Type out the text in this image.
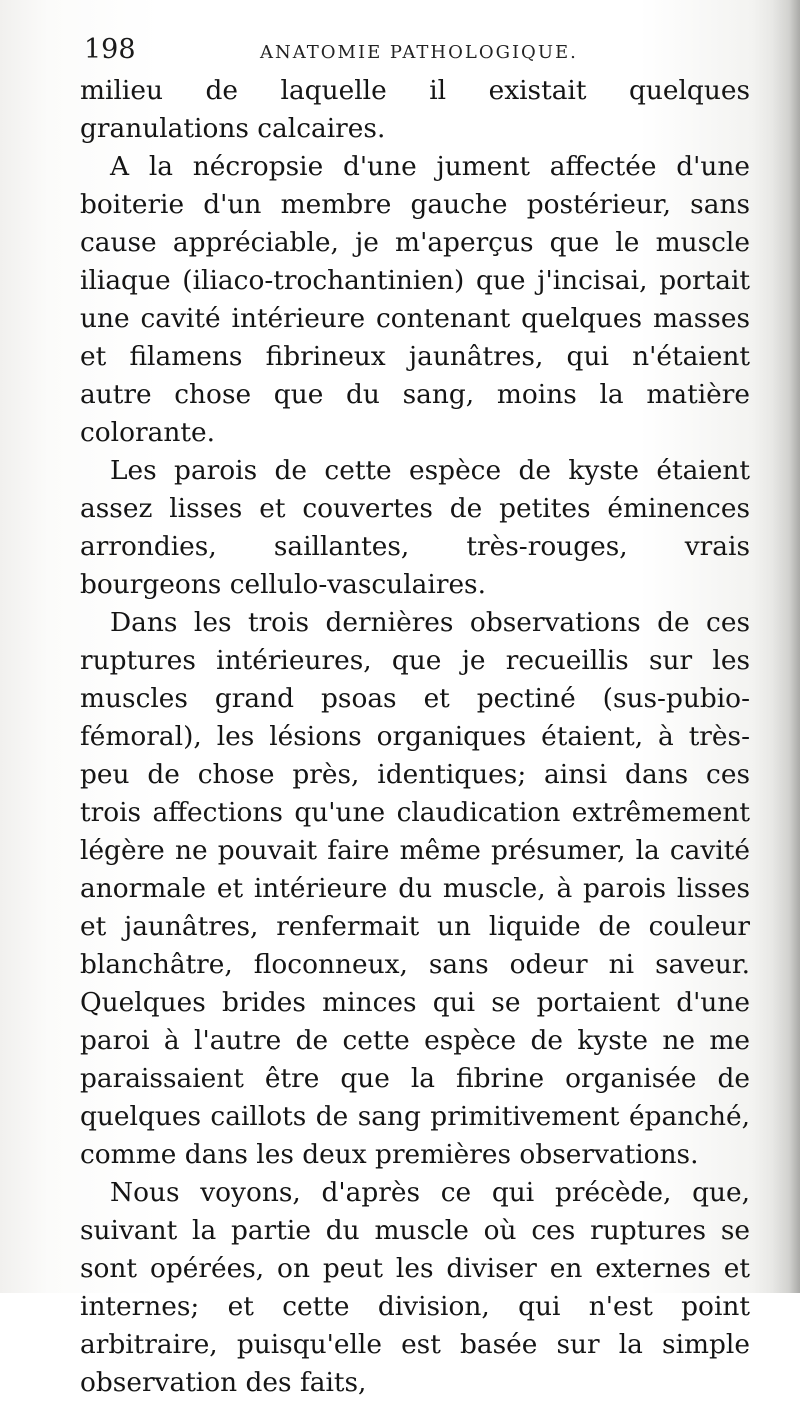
198	ANATOMIE PATHOLOGIQUE.

milieu de laquelle il existait quelques granulations calcaires.

A la nécropsie d'une jument affectée d'une boiterie d'un membre gauche postérieur, sans cause appréciable, je m'aperçus que le muscle iliaque (iliaco-trochantinien) que j'incisai, portait une cavité intérieure contenant quelques masses et filamens fibrineux jaunâtres, qui n'étaient autre chose que du sang, moins la matière colorante.

Les parois de cette espèce de kyste étaient assez lisses et couvertes de petites éminences arrondies, saillantes, très-rouges, vrais bourgeons cellulo-vasculaires.

Dans les trois dernières observations de ces ruptures intérieures, que je recueillis sur les muscles grand psoas et pectiné (sus-pubio-fémoral), les lésions organiques étaient, à très-peu de chose près, identiques; ainsi dans ces trois affections qu'une claudication extrêmement légère ne pouvait faire même présumer, la cavité anormale et intérieure du muscle, à parois lisses et jaunâtres, renfermait un liquide de couleur blanchâtre, floconneux, sans odeur ni saveur. Quelques brides minces qui se portaient d'une paroi à l'autre de cette espèce de kyste ne me paraissaient être que la fibrine organisée de quelques caillots de sang primitivement épanché, comme dans les deux premières observations.

Nous voyons, d'après ce qui précède, que, suivant la partie du muscle où ces ruptures se sont opérées, on peut les diviser en externes et internes; et cette division, qui n'est point arbitraire, puisqu'elle est basée sur la simple observation des faits,
